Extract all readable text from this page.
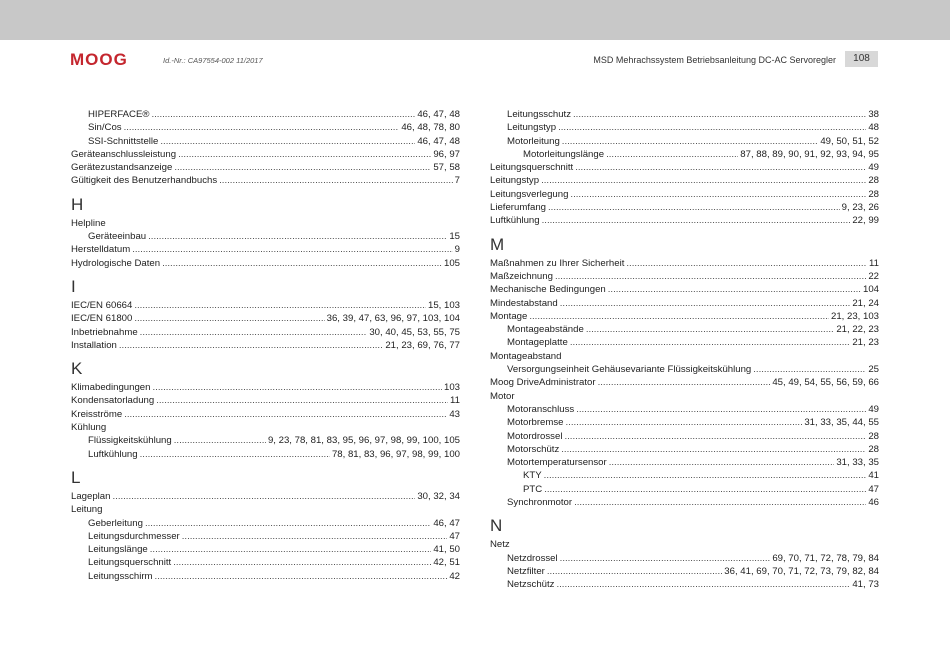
MOOG	Id.-Nr.: CA97554-002 11/2017	MSD Mehrachssystem Betriebsanleitung DC-AC Servoregler	108
HIPERFACE® .....	46, 47, 48
Sin/Cos .....	46, 48, 78, 80
SSI-Schnittstelle .....	46, 47, 48
Geräteanschlussleistung .....	96, 97
Gerätezustandsanzeige .....	57, 58
Gültigkeit des Benutzerhandbuchs .....	7
H
Helpline
Geräteeinbau .....	15
Herstelldatum .....	9
Hydrologische Daten .....	105
I
IEC/EN 60664 .....	15, 103
IEC/EN 61800 .....	36, 39, 47, 63, 96, 97, 103, 104
Inbetriebnahme .....	30, 40, 45, 53, 55, 75
Installation .....	21, 23, 69, 76, 77
K
Klimabedingungen .....	103
Kondensatorladung .....	11
Kreisströme .....	43
Kühlung
Flüssigkeitskühlung .....	9, 23, 78, 81, 83, 95, 96, 97, 98, 99, 100, 105
Luftkühlung .....	78, 81, 83, 96, 97, 98, 99, 100
L
Lageplan .....	30, 32, 34
Leitung
Geberleitung .....	46, 47
Leitungsdurchmesser .....	47
Leitungslänge .....	41, 50
Leitungsquerschnitt .....	42, 51
Leitungsschirm .....	42
Leitungsschutz .....	38
Leitungstyp .....	48
Motorleitung .....	49, 50, 51, 52
Motorleitungslänge .....	87, 88, 89, 90, 91, 92, 93, 94, 95
Leitungsquerschnitt .....	49
Leitungstyp .....	28
Leitungsverlegung .....	28
Lieferumfang .....	9, 23, 26
Luftkühlung .....	22, 99
M
Maßnahmen zu Ihrer Sicherheit .....	11
Maßzeichnung .....	22
Mechanische Bedingungen .....	104
Mindestabstand .....	21, 24
Montage .....	21, 23, 103
Montageabstände .....	21, 22, 23
Montageplatte .....	21, 23
Montageabstand
Versorgungseinheit Gehäusevariante Flüssigkeitskühlung .....	25
Moog DriveAdministrator .....	45, 49, 54, 55, 56, 59, 66
Motor
Motoranschluss .....	49
Motorbremse .....	31, 33, 35, 44, 55
Motordrossel .....	28
Motorschütz .....	28
Motortemperatursensor .....	31, 33, 35
KTY .....	41
PTC .....	47
Synchronmotor .....	46
N
Netz
Netzdrossel .....	69, 70, 71, 72, 78, 79, 84
Netzfilter .....	36, 41, 69, 70, 71, 72, 73, 79, 82, 84
Netzschütz .....	41, 73
